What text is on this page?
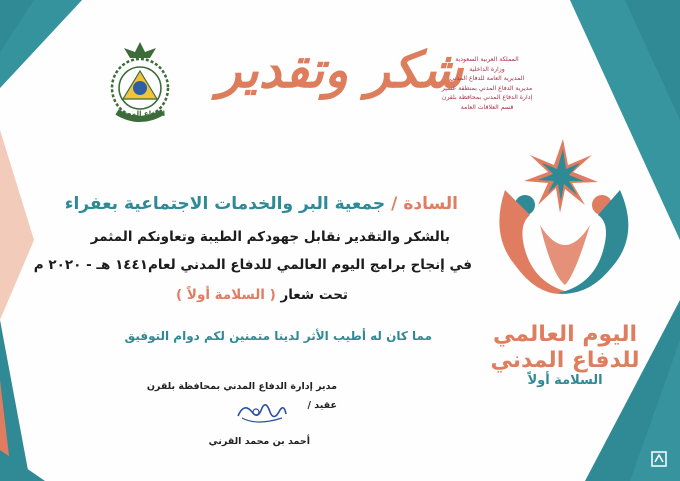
الدفاع المدني
شكر وتقدير
المملكة العربية السعودية
وزارة الداخلية
المديرية العامة للدفاع المدني
مديرية الدفاع المدني بمنطقة عسير
إدارة الدفاع المدني بمحافظة بلقرن
قسم العلاقات العامة
السادة/جمعية البر والخدمات الاجتماعية بعفراء
بالشكر والتقدير نقابل جهودكم الطيبة وتعاونكم المثمر
في إنجاح برامج اليوم العالمي للدفاع المدني لعام١٤٤١ هـ - ٢٠٢٠ م
تحت شعار ( السلامة أولاً )
مما كان له أطيب الأثر لدينا متمنين لكم دوام التوفيق	اليوم العالمي
للدفاع المدني
السلامة أولاً
مدير إدارة الدفاع المدني بمحافظة بلقرن
عقيد /
أحمد بن محمد القرني
